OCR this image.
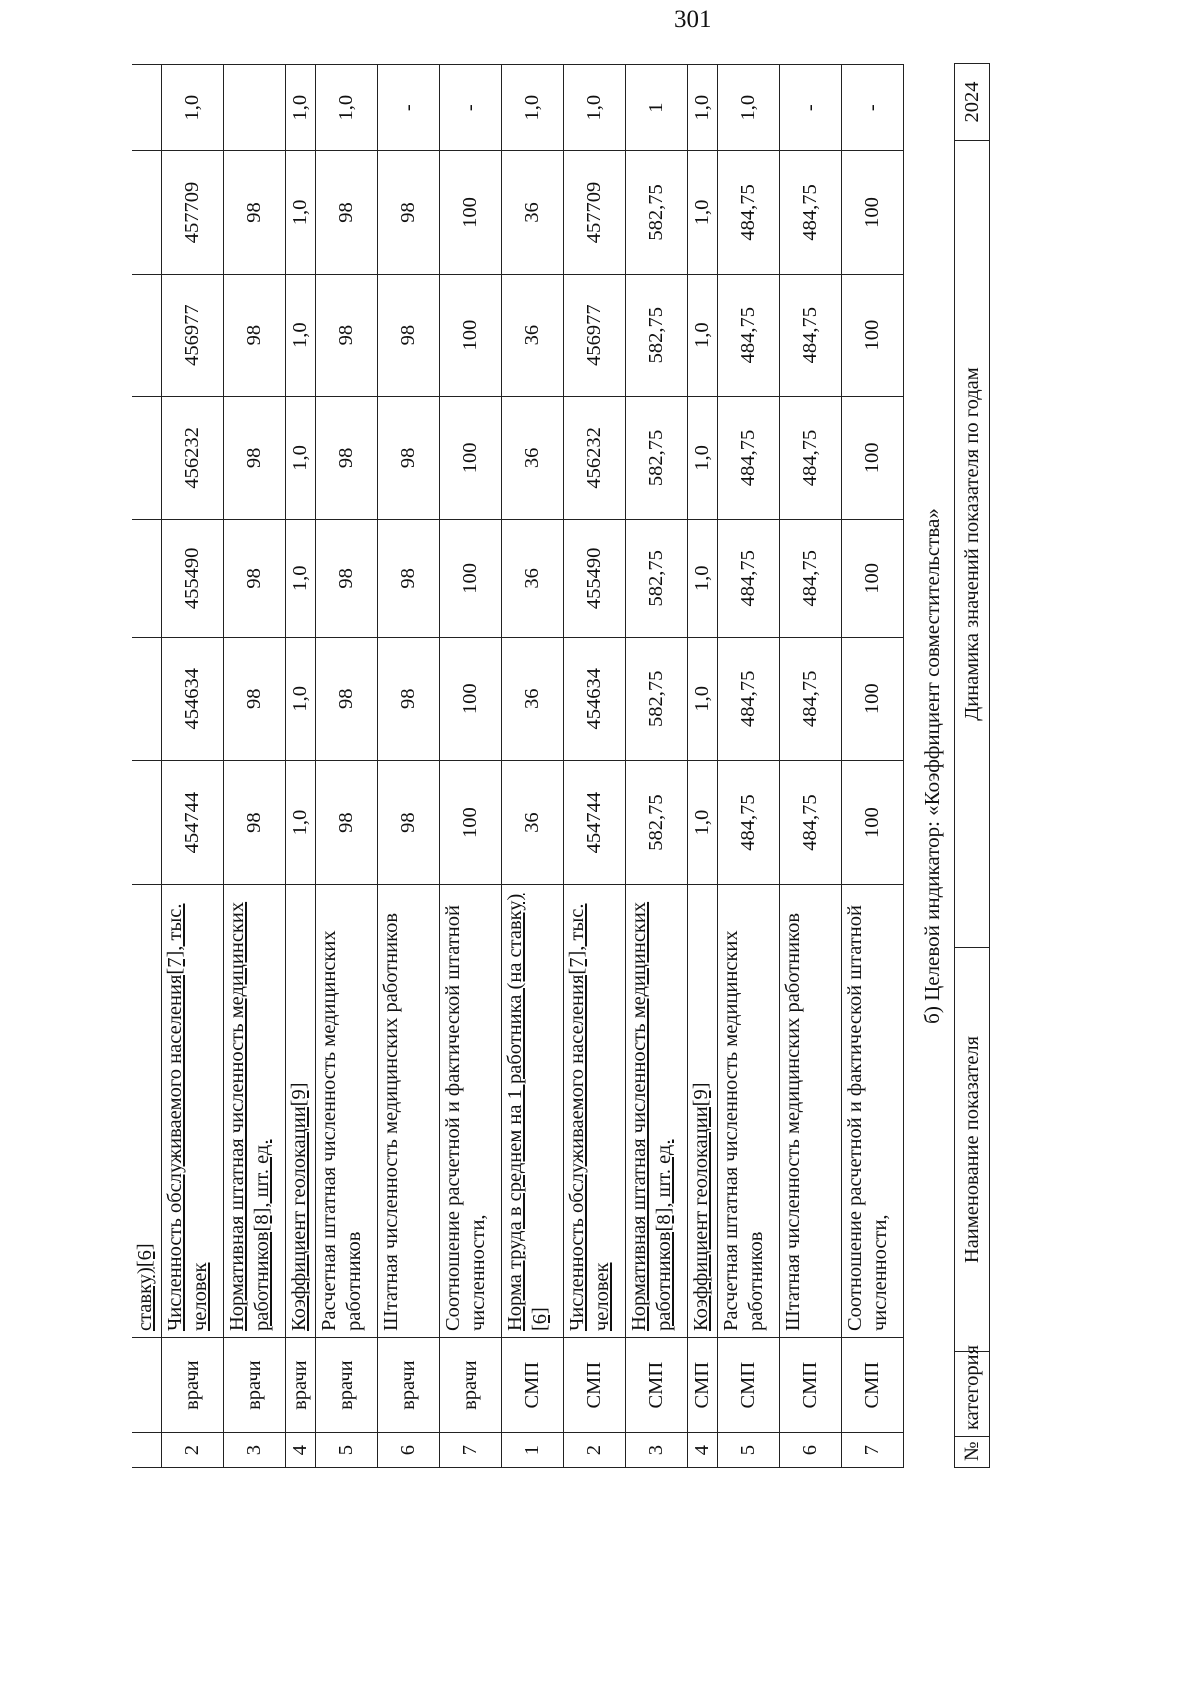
301

		ставку)[6]							
2	врачи	Численность обслуживаемого населения[7], тыс. человек	454744	454634	455490	456232	456977	457709	1,0
3	врачи	Нормативная штатная численность медицинских работников[8], шт. ед.	98	98	98	98	98	98	
4	врачи	Коэффициент геолокации[9]	1,0	1,0	1,0	1,0	1,0	1,0	1,0
5	врачи	Расчетная штатная численность медицинских работников	98	98	98	98	98	98	1,0
6	врачи	Штатная численность медицинских работников	98	98	98	98	98	98	-
7	врачи	Соотношение расчетной и фактической штатной численности,	100	100	100	100	100	100	-
1	СМП	Норма труда в среднем на 1 работника (на ставку)[6]	36	36	36	36	36	36	1,0
2	СМП	Численность обслуживаемого населения[7], тыс. человек	454744	454634	455490	456232	456977	457709	1,0
3	СМП	Нормативная штатная численность медицинских работников[8], шт. ед.	582,75	582,75	582,75	582,75	582,75	582,75	1
4	СМП	Коэффициент геолокации[9]	1,0	1,0	1,0	1,0	1,0	1,0	1,0
5	СМП	Расчетная штатная численность медицинских работников	484,75	484,75	484,75	484,75	484,75	484,75	1,0
6	СМП	Штатная численность медицинских работников	484,75	484,75	484,75	484,75	484,75	484,75	-
7	СМП	Соотношение расчетной и фактической штатной численности,	100	100	100	100	100	100	-

б) Целевой индикатор: «Коэффициент совместительства»

№	категория	Наименование показателя	Динамика значений показателя по годам	2024
